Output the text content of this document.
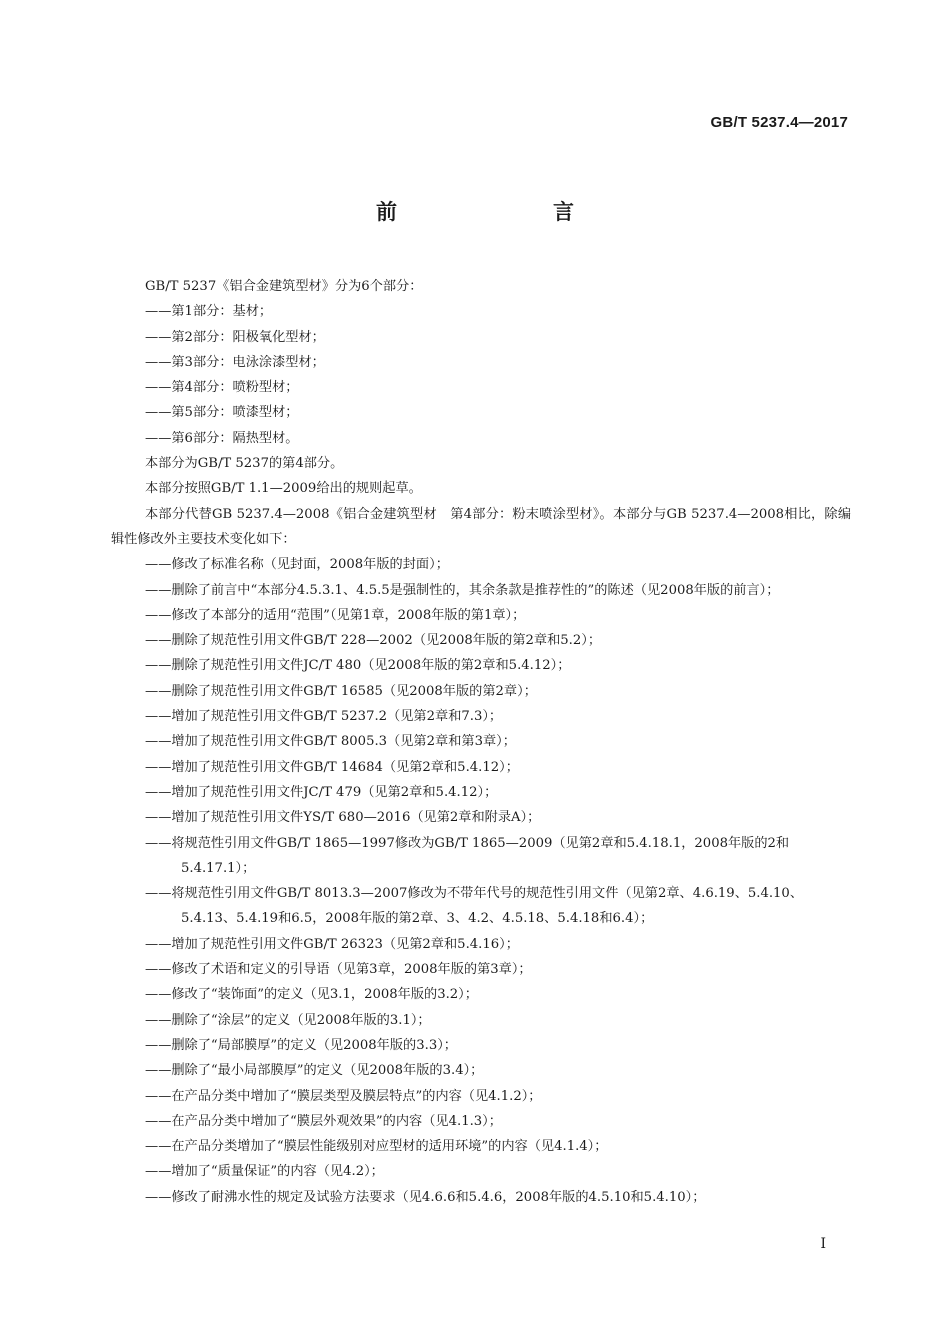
GB/T 5237.4—2017
前　　言

GB/T 5237《铝合金建筑型材》分为6个部分：

——第1部分：基材；

——第2部分：阳极氧化型材；

——第3部分：电泳涂漆型材；

——第4部分：喷粉型材；

——第5部分：喷漆型材；

——第6部分：隔热型材。

本部分为GB/T 5237的第4部分。

本部分按照GB/T 1.1—2009给出的规则起草。

本部分代替GB 5237.4—2008《铝合金建筑型材　第4部分：粉末喷涂型材》。本部分与GB 5237.4—2008相比，除编辑性修改外主要技术变化如下：

——修改了标准名称（见封面，2008年版的封面）；

——删除了前言中“本部分4.5.3.1、4.5.5是强制性的，其余条款是推荐性的”的陈述（见2008年版的前言）；

——修改了本部分的适用“范围”（见第1章，2008年版的第1章）；

——删除了规范性引用文件GB/T 228—2002（见2008年版的第2章和5.2）；

——删除了规范性引用文件JC/T 480（见2008年版的第2章和5.4.12）；

——删除了规范性引用文件GB/T 16585（见2008年版的第2章）；

——增加了规范性引用文件GB/T 5237.2（见第2章和7.3）；

——增加了规范性引用文件GB/T 8005.3（见第2章和第3章）；

——增加了规范性引用文件GB/T 14684（见第2章和5.4.12）；

——增加了规范性引用文件JC/T 479（见第2章和5.4.12）；

——增加了规范性引用文件YS/T 680—2016（见第2章和附录A）；

——将规范性引用文件GB/T 1865—1997修改为GB/T 1865—2009（见第2章和5.4.18.1，2008年版的2和5.4.17.1）；

——将规范性引用文件GB/T 8013.3—2007修改为不带年代号的规范性引用文件（见第2章、4.6.19、5.4.10、5.4.13、5.4.19和6.5，2008年版的第2章、3、4.2、4.5.18、5.4.18和6.4）；

——增加了规范性引用文件GB/T 26323（见第2章和5.4.16）；

——修改了术语和定义的引导语（见第3章，2008年版的第3章）；

——修改了“装饰面”的定义（见3.1，2008年版的3.2）；

——删除了“涂层”的定义（见2008年版的3.1）；

——删除了“局部膜厚”的定义（见2008年版的3.3）；

——删除了“最小局部膜厚”的定义（见2008年版的3.4）；

——在产品分类中增加了“膜层类型及膜层特点”的内容（见4.1.2）；

——在产品分类中增加了“膜层外观效果”的内容（见4.1.3）；

——在产品分类增加了“膜层性能级别对应型材的适用环境”的内容（见4.1.4）；

——增加了“质量保证”的内容（见4.2）；

——修改了耐沸水性的规定及试验方法要求（见4.6.6和5.4.6，2008年版的4.5.10和5.4.10）；

I
